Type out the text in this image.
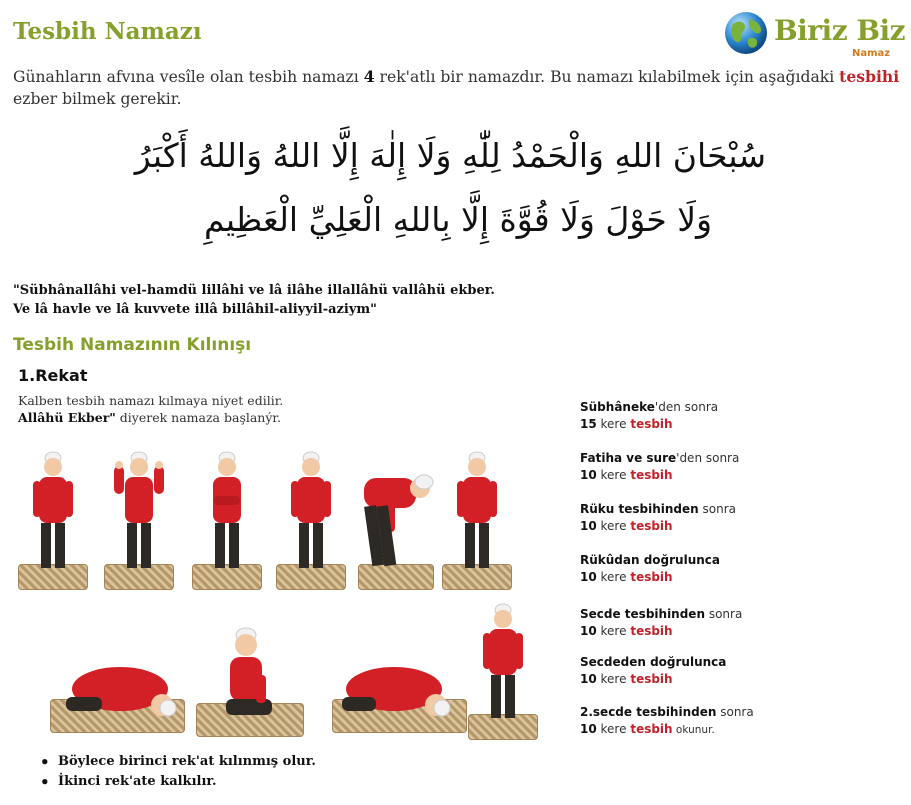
Tesbih Namazı	Biriz Biz
Namaz

Günahların afvına vesîle olan tesbih namazı 4 rek'atlı bir namazdır. Bu namazı kılabilmek için aşağıdaki tesbihi
ezber bilmek gerekir.

سُبْحَانَ اللهِ وَالْحَمْدُ لِلّٰهِ وَلَا إِلٰهَ إِلَّا اللهُ وَاللهُ أَكْبَرُ
وَلَا حَوْلَ وَلَا قُوَّةَ إِلَّا بِاللهِ الْعَلِيِّ الْعَظِيمِ

"Sübhânallâhi vel-hamdü lillâhi ve lâ ilâhe illallâhü vallâhü ekber.
Ve lâ havle ve lâ kuvvete illâ billâhil-aliyyil-aziym"

Tesbih Namazının Kılınışı
1.Rekat

Kalben tesbih namazı kılmaya niyet edilir.
Allâhü Ekber" diyerek namaza başlanýr.

Sübhâneke'den sonra
15 kere tesbih
Fatiha ve sure'den sonra
10 kere tesbih
Rüku tesbihinden sonra
10 kere tesbih
Rükûdan doğrulunca
10 kere tesbih
Secde tesbihinden sonra
10 kere tesbih
Secdeden doğrulunca
10 kere tesbih
2.secde tesbihinden sonra
10 kere tesbih okunur.
• Böylece birinci rek'at kılınmış olur.
• İkinci rek'ate kalkılır.
